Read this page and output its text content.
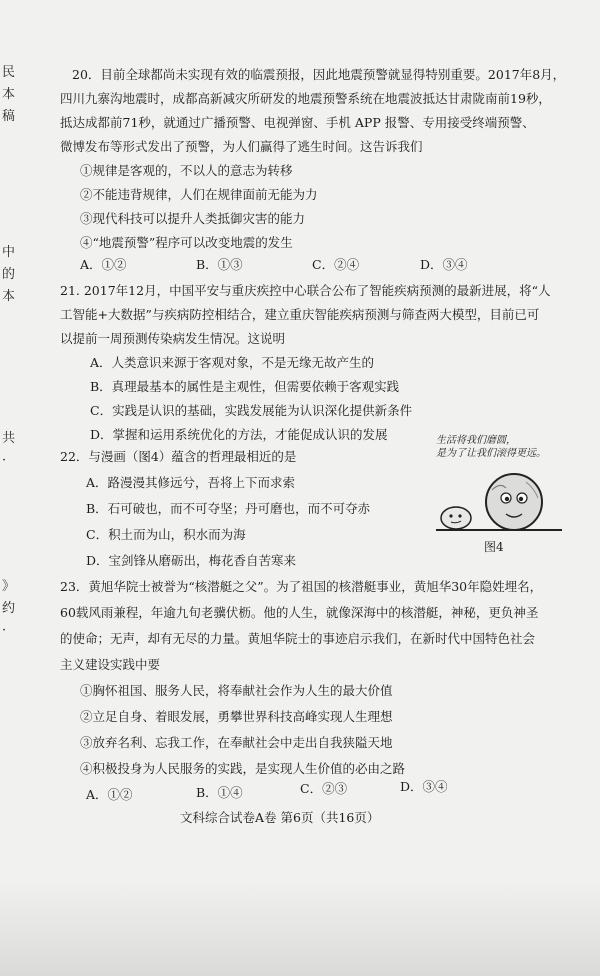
民
本
稿
中
的
本
共
·
》
约
·
20．目前全球都尚未实现有效的临震预报，因此地震预警就显得特别重要。2017年8月，
四川九寨沟地震时，成都高新减灾所研发的地震预警系统在地震波抵达甘肃陇南前19秒，
抵达成都前71秒，就通过广播预警、电视弹窗、手机 APP 报警、专用接受终端预警、
微博发布等形式发出了预警，为人们赢得了逃生时间。这告诉我们
①规律是客观的，不以人的意志为转移
②不能违背规律，人们在规律面前无能为力
③现代科技可以提升人类抵御灾害的能力
④“地震预警”程序可以改变地震的发生
A．①②	B．①③	C．②④	D．③④
21. 2017年12月，中国平安与重庆疾控中心联合公布了智能疾病预测的最新进展，将“人
工智能+大数据”与疾病防控相结合，建立重庆智能疾病预测与筛查两大模型，目前已可
以提前一周预测传染病发生情况。这说明
A．人类意识来源于客观对象，不是无缘无故产生的
B．真理最基本的属性是主观性，但需要依赖于客观实践
C．实践是认识的基础，实践发展能为认识深化提供新条件
D．掌握和运用系统优化的方法，才能促成认识的发展
22．与漫画（图4）蕴含的哲理最相近的是
A．路漫漫其修远兮，吾将上下而求索
B．石可破也，而不可夺坚；丹可磨也，而不可夺赤
C．积土而为山，积水而为海
D．宝剑锋从磨砺出，梅花香自苦寒来
生活将我们磨圆，
是为了让我们滚得更远。
图4
23．黄旭华院士被誉为“核潜艇之父”。为了祖国的核潜艇事业，黄旭华30年隐姓埋名，
60载风雨兼程，年逾九旬老骥伏枥。他的人生，就像深海中的核潜艇，神秘，更负神圣
的使命；无声，却有无尽的力量。黄旭华院士的事迹启示我们，在新时代中国特色社会
主义建设实践中要
①胸怀祖国、服务人民，将奉献社会作为人生的最大价值
②立足自身、着眼发展，勇攀世界科技高峰实现人生理想
③放弃名利、忘我工作，在奉献社会中走出自我狭隘天地
④积极投身为人民服务的实践，是实现人生价值的必由之路
A．①②	B．①④	C．②③	D．③④
文科综合试卷A卷 第6页（共16页）
